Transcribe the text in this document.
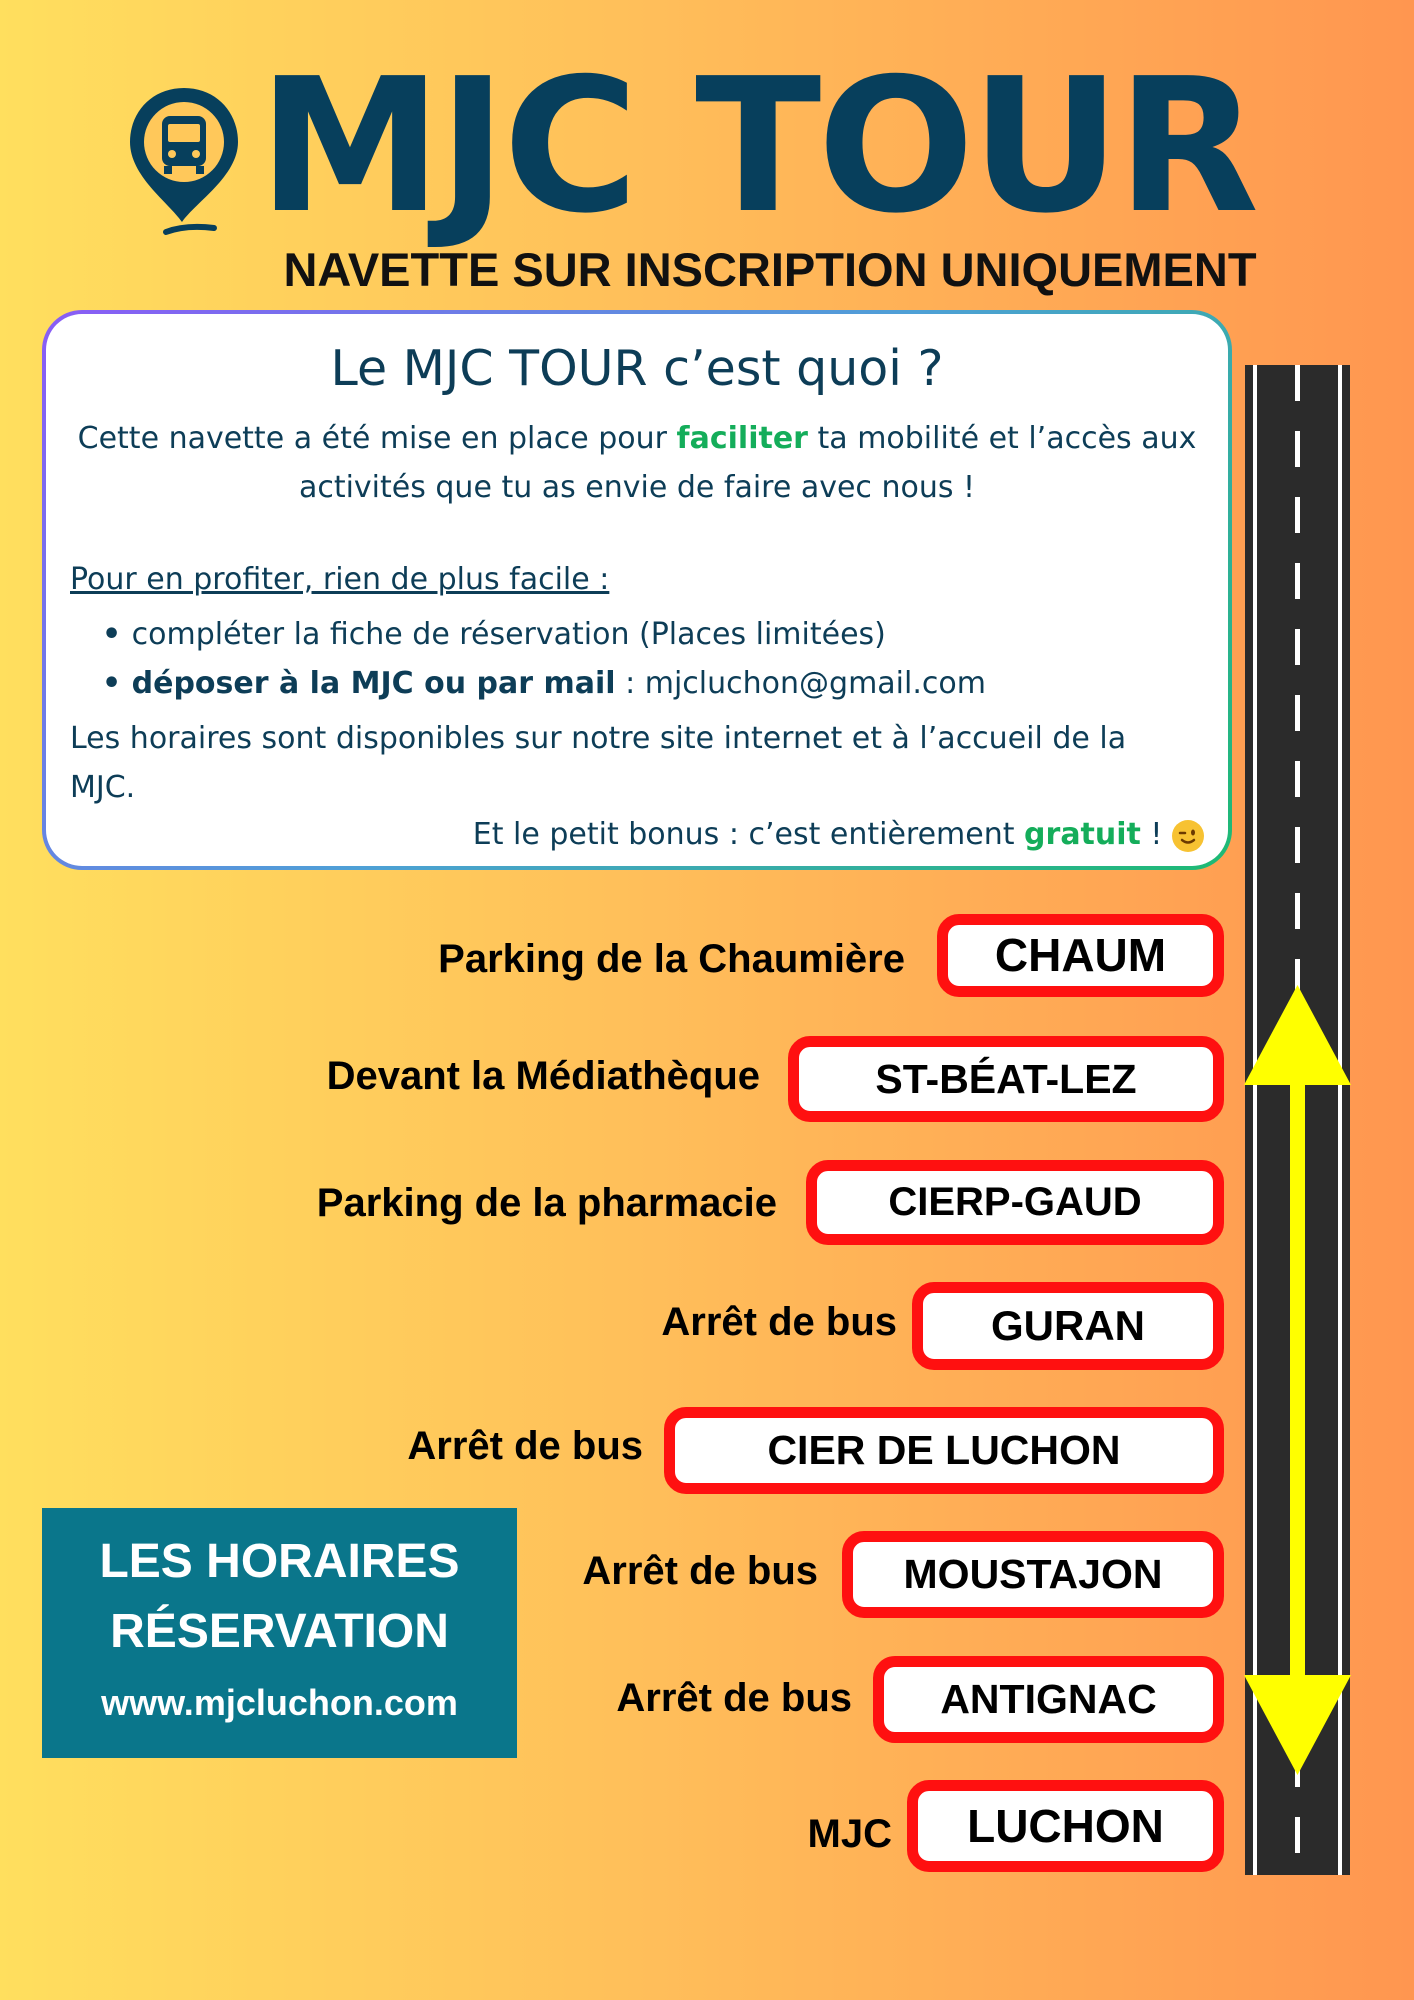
MJC TOUR
NAVETTE SUR INSCRIPTION UNIQUEMENT
Le MJC TOUR c’est quoi ?
Cette navette a été mise en place pour faciliter ta mobilité et l’accès aux activités que tu as envie de faire avec nous !
Pour en profiter, rien de plus facile :
• compléter la fiche de réservation (Places limitées)
• déposer à la MJC ou par mail : mjcluchon@gmail.com
Les horaires sont disponibles sur notre site internet et à l’accueil de la MJC.
Et le petit bonus : c’est entièrement gratuit !
Parking de la Chaumière	CHAUM
Devant la Médiathèque	ST-BÉAT-LEZ
Parking de la pharmacie	CIERP-GAUD
Arrêt de bus	GURAN
Arrêt de bus	CIER DE LUCHON
Arrêt de bus	MOUSTAJON
Arrêt de bus	ANTIGNAC
MJC	LUCHON
LES HORAIRES
RÉSERVATION
www.mjcluchon.com
